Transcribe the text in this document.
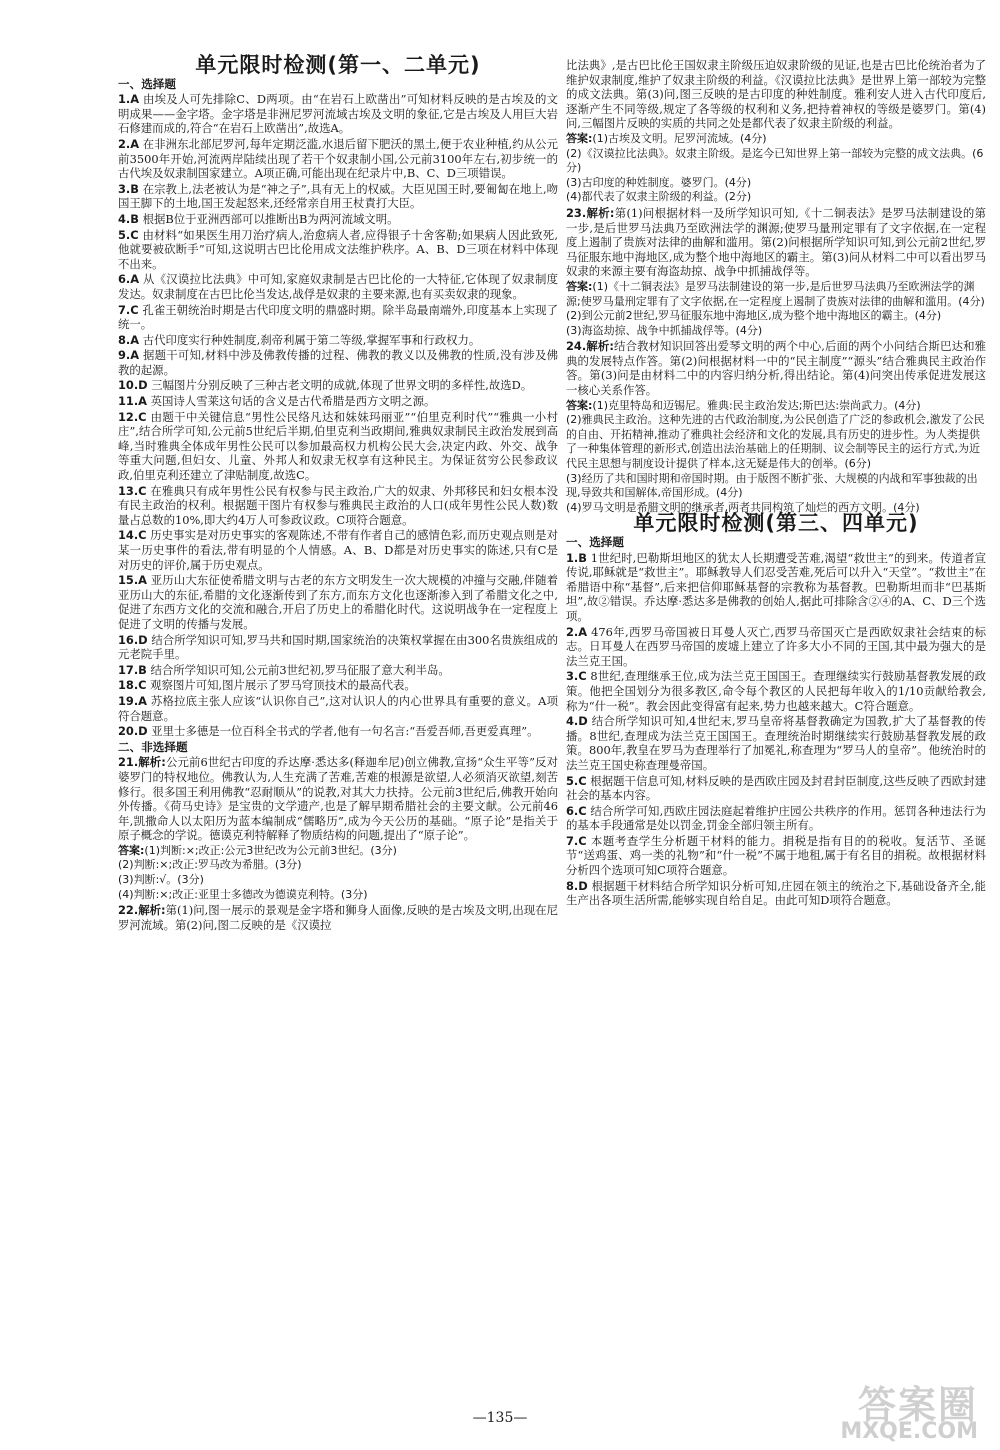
单元限时检测(第一、二单元)
一、选择题
1.A 由埃及人可先排除C、D两项。由“在岩石上欧凿出”可知材料反映的是古埃及的文明成果——金字塔。金字塔是非洲尼罗河流域古埃及文明的象征,它是古埃及人用巨大岩石修建而成的,符合“在岩石上欧凿出”,故选A。
2.A 在非洲东北部尼罗河,每年定期泛滥,水退后留下肥沃的黑土,便于农业种植,约从公元前3500年开始,河流两岸陆续出现了若干个奴隶制小国,公元前3100年左右,初步统一的古代埃及奴隶制国家建立。A项正确,可能出现在纪录片中,B、C、D三项错误。
3.B 在宗教上,法老被认为是“神之子”,具有无上的权威。大臣见国王时,要匍匐在地上,吻国王脚下的土地,国王发起怒来,还经常亲自用王杖責打大臣。
4.B 根据B位于亚洲西部可以推断出B为两河流域文明。
5.C 由材料“如果医生用刀治疗病人,治愈病人者,应得银子十舍客勒;如果病人因此致死,他就要被砍断手”可知,这说明古巴比伦用成文法维护秩序。A、B、D三项在材料中体现不出来。
6.A 从《汉谟拉比法典》中可知,家庭奴隶制是古巴比伦的一大特征,它体现了奴隶制度发达。奴隶制度在古巴比伦当发达,战俘是奴隶的主要来源,也有买卖奴隶的现象。
7.C 孔雀王朝统治时期是古代印度文明的鼎盛时期。除半岛最南端外,印度基本上实现了统一。
8.A 古代印度实行种姓制度,刹帝利属于第二等级,掌握军事和行政权力。
9.A 据题干可知,材料中涉及佛教传播的过程、佛教的教义以及佛教的性质,没有涉及佛教的起源。
10.D 三幅图片分别反映了三种古老文明的成就,体现了世界文明的多样性,故选D。
11.A 英国诗人雪莱这句话的含义是古代希腊是西方文明之源。
12.C 由题干中关键信息“男性公民络凡达和妹妹玛丽亚”“伯里克利时代”“雅典一小村庄”,结合所学可知,公元前5世纪后半期,伯里克利当政期间,雅典奴隶制民主政治发展到高峰,当时雅典全体成年男性公民可以参加最高权力机构公民大会,决定内政、外交、战争等重大问题,但妇女、儿童、外邦人和奴隶无权享有这种民主。为保证贫穷公民参政议政,伯里克利还建立了津贴制度,故选C。
13.C 在雅典只有成年男性公民有权参与民主政治,广大的奴隶、外邦移民和妇女根本没有民主政治的权利。根据题干图片有权参与雅典民主政治的人口(成年男性公民人数)数量占总数的10%,即大约4万人可参政议政。C项符合题意。
14.C 历史事实是对历史事实的客观陈述,不带有作者自己的感情色彩,而历史观点则是对某一历史事件的看法,带有明显的个人情感。A、B、D都是对历史事实的陈述,只有C是对历史的评价,属于历史观点。
15.A 亚历山大东征使希腊文明与古老的东方文明发生一次大规模的冲撞与交融,伴随着亚历山大的东征,希腊的文化逐渐传到了东方,而东方文化也逐渐渗入到了希腊文化之中,促进了东西方文化的交流和融合,开启了历史上的希腊化时代。这说明战争在一定程度上促进了文明的传播与发展。
16.D 结合所学知识可知,罗马共和国时期,国家统治的决策权掌握在由300名贵族组成的元老院手里。
17.B 结合所学知识可知,公元前3世纪初,罗马征服了意大利半岛。
18.C 观察图片可知,图片展示了罗马穹顶技术的最高代表。
19.A 苏格拉底主张人应该“认识你自己”,这对认识人的内心世界具有重要的意义。A项符合题意。
20.D 亚里士多德是一位百科全书式的学者,他有一句名言:“吾爱吾师,吾更爱真理”。
二、非选择题
21.解析:公元前6世纪古印度的乔达摩·悉达多(释迦牟尼)创立佛教,宣扬“众生平等”反对婆罗门的特权地位。佛教认为,人生充满了苦难,苦难的根源是欲望,人必须消灭欲望,刻苦修行。很多国王利用佛教“忍耐顺从”的说教,对其大力扶持。公元前3世纪后,佛教开始向外传播。《荷马史诗》是宝贵的文学遗产,也是了解早期希腊社会的主要文献。公元前46年,凯撒命人以太阳历为蓝本编制成“儒略历”,成为今天公历的基础。“原子论”是指关于原子概念的学说。德谟克利特解释了物质结构的问题,提出了“原子论”。
答案:(1)判断:×;改正:公元3世纪改为公元前3世纪。(3分)
(2)判断:×;改正:罗马改为希腊。(3分)
(3)判断:√。(3分)
(4)判断:×;改正:亚里士多德改为德谟克利特。(3分)
22.解析:第(1)问,图一展示的景观是金字塔和狮身人面像,反映的是古埃及文明,出现在尼罗河流域。第(2)问,图二反映的是《汉谟拉
比法典》,是古巴比伦王国奴隶主阶级压迫奴隶阶级的见证,也是古巴比伦统治者为了维护奴隶制度,维护了奴隶主阶级的利益。《汉谟拉比法典》是世界上第一部较为完整的成文法典。第(3)问,图三反映的是古印度的种姓制度。雅利安人进入古代印度后,逐渐产生不同等级,规定了各等级的权利和义务,把持着神权的等级是婆罗门。第(4)问,三幅图片反映的实质的共同之处是都代表了奴隶主阶级的利益。
答案:(1)古埃及文明。尼罗河流域。(4分)
(2)《汉谟拉比法典》。奴隶主阶级。是迄今已知世界上第一部较为完整的成文法典。(6分)
(3)古印度的种姓制度。婆罗门。(4分)
(4)都代表了奴隶主阶级的利益。(2分)
23.解析:第(1)问根据材料一及所学知识可知,《十二铜表法》是罗马法制建设的第一步,是后世罗马法典乃至欧洲法学的渊源;使罗马量刑定罪有了文字依据,在一定程度上遏制了贵族对法律的曲解和滥用。第(2)问根据所学知识可知,到公元前2世纪,罗马征服东地中海地区,成为整个地中海地区的霸主。第(3)问从材料二中可以看出罗马奴隶的来源主要有海盗劫掠、战争中抓捕战俘等。
答案:(1)《十二铜表法》是罗马法制建设的第一步,是后世罗马法典乃至欧洲法学的渊源;使罗马量刑定罪有了文字依据,在一定程度上遏制了贵族对法律的曲解和滥用。(4分)
(2)到公元前2世纪,罗马征服东地中海地区,成为整个地中海地区的霸主。(4分)
(3)海盗劫掠、战争中抓捕战俘等。(4分)
24.解析:结合教材知识回答出爱琴文明的两个中心,后面的两个小问结合斯巴达和雅典的发展特点作答。第(2)问根据材料一中的“民主制度”“源头”结合雅典民主政治作答。第(3)问是由材料二中的内容归纳分析,得出结论。第(4)问突出传承促进发展这一核心关系作答。
答案:(1)克里特岛和迈锡尼。雅典:民主政治发达;斯巴达:崇尚武力。(4分)
(2)雅典民主政治。这种先进的古代政治制度,为公民创造了广泛的参政机会,激发了公民的自由、开拓精神,推动了雅典社会经济和文化的发展,具有历史的进步性。为人类提供了一种集体管理的新形式,创造出法治基础上的任期制、议会制等民主的运行方式,为近代民主思想与制度设计提供了样本,这无疑是伟大的创举。(6分)
(3)经历了共和国时期和帝国时期。由于版图不断扩张、大规模的内战和军事独裁的出现,导致共和国解体,帝国形成。(4分)
(4)罗马文明是希腊文明的继承者,两者共同构筑了灿烂的西方文明。(4分)
单元限时检测(第三、四单元)
一、选择题
1.B 1世纪时,巴勒斯坦地区的犹太人长期遭受苦难,渴望“救世主”的到来。传道者宣传说,耶稣就是“救世主”。耶稣教导人们忍受苦难,死后可以升入“天堂”。“救世主”在希腊语中称“基督”,后来把信仰耶稣基督的宗教称为基督教。巴勒斯坦而非“巴基斯坦”,故②错误。乔达摩·悉达多是佛教的创始人,据此可排除含②④的A、C、D三个选项。
2.A 476年,西罗马帝国被日耳曼人灭亡,西罗马帝国灭亡是西欧奴隶社会结束的标志。日耳曼人在西罗马帝国的废墟上建立了许多大小不同的王国,其中最为强大的是法兰克王国。
3.C 8世纪,查理继承王位,成为法兰克王国国王。查理继续实行鼓励基督教发展的政策。他把全国划分为很多教区,命令每个教区的人民把每年收入的1/10贡献给教会,称为“什一税”。教会因此变得富有起来,势力也越来越大。C符合题意。
4.D 结合所学知识可知,4世纪末,罗马皇帝将基督教确定为国教,扩大了基督教的传播。8世纪,查理成为法兰克王国国王。查理统治时期继续实行鼓励基督教发展的政策。800年,教皇在罗马为查理举行了加冕礼,称查理为“罗马人的皇帝”。他统治时的法兰克王国史称查理曼帝国。
5.C 根据题干信息可知,材料反映的是西欧庄园及封君封臣制度,这些反映了西欧封建社会的基本内容。
6.C 结合所学可知,西欧庄园法庭起着维护庄园公共秩序的作用。惩罚各种违法行为的基本手段通常是处以罚金,罚金全部归领主所有。
7.C 本题考查学生分析题干材料的能力。捐税是指有目的的税收。复活节、圣诞节“送鸡蛋、鸡一类的礼物”和“什一税”不属于地租,属于有名目的捐税。故根据材料分析四个选项可知C项符合题意。
8.D 根据题干材料结合所学知识分析可知,庄园在领主的统治之下,基础设备齐全,能生产出各项生活所需,能够实现自给自足。由此可知D项符合题意。
—135—	答案圈
MXQE.COM
